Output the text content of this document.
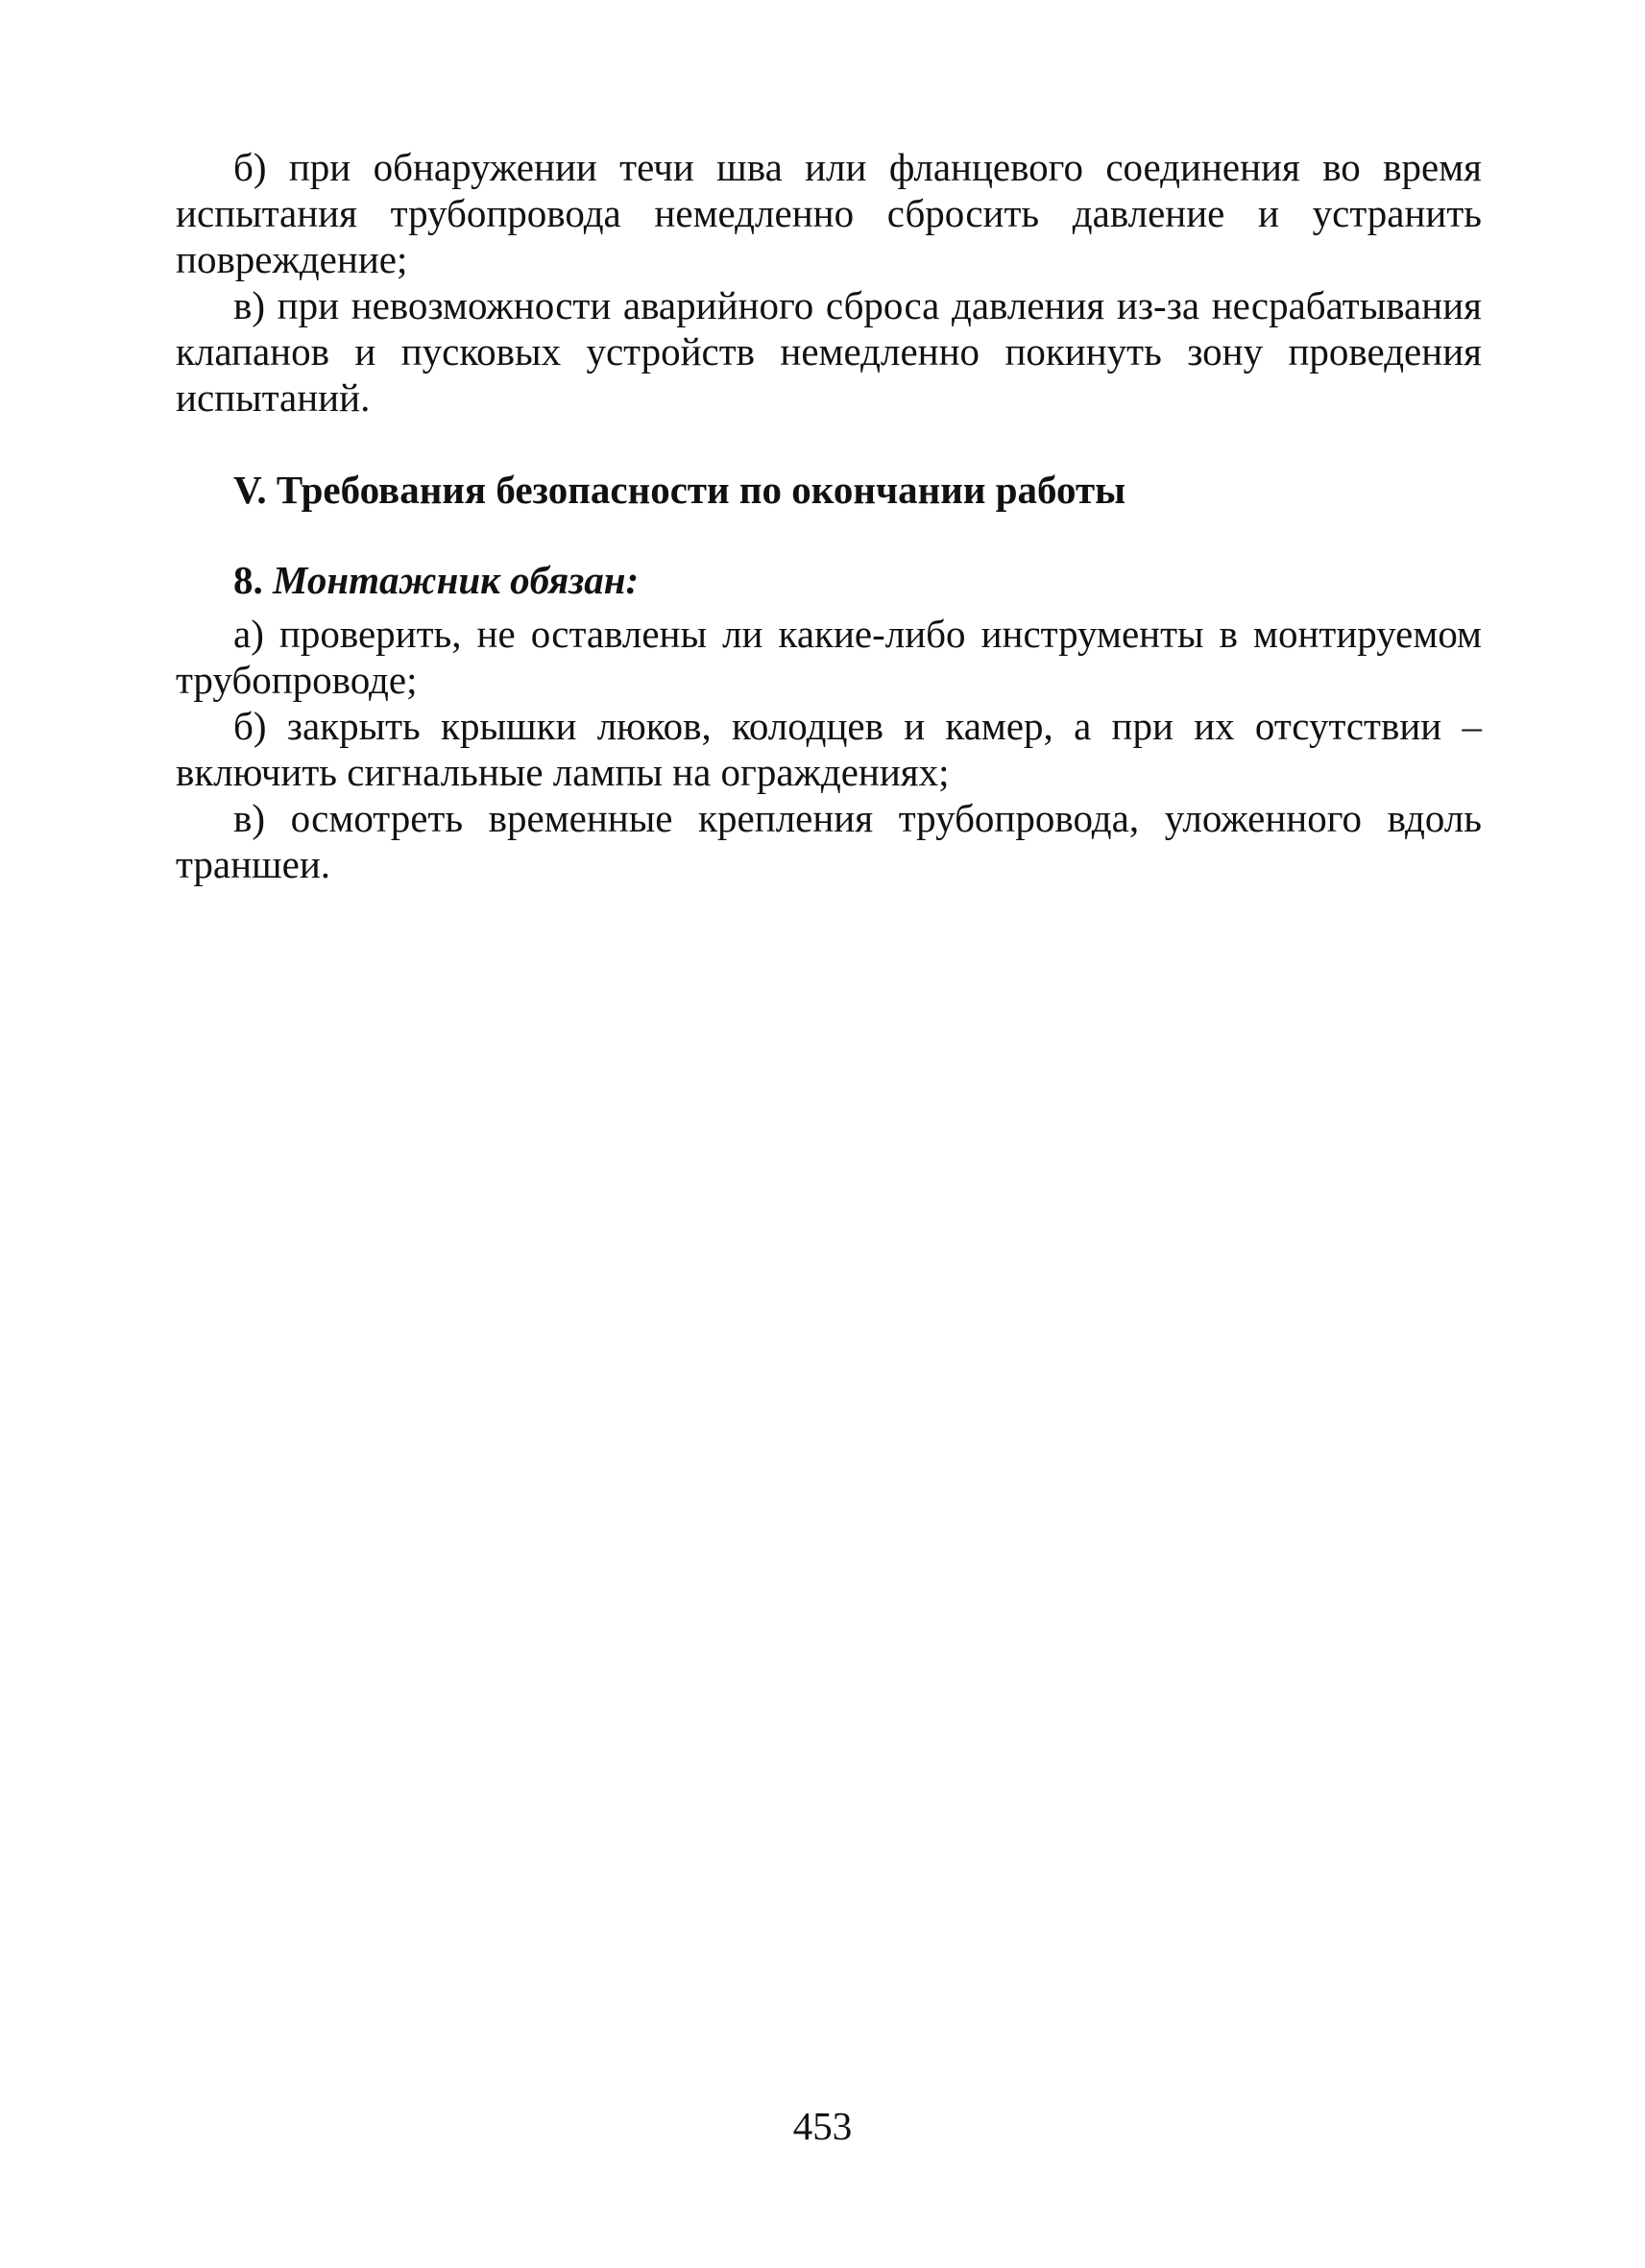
б) при обнаружении течи шва или фланцевого соединения во время испытания трубопровода немедленно сбросить давление и устранить повреждение;

в) при невозможности аварийного сброса давления из-за несрабатывания клапанов и пусковых устройств немедленно покинуть зону проведения испытаний.

V. Требования безопасности по окончании работы
8. Монтажник обязан:

а) проверить, не оставлены ли какие-либо инструменты в монтируемом трубопроводе;

б) закрыть крышки люков, колодцев и камер, а при их отсутствии – включить сигнальные лампы на ограждениях;

в) осмотреть временные крепления трубопровода, уложенного вдоль траншеи.

453
